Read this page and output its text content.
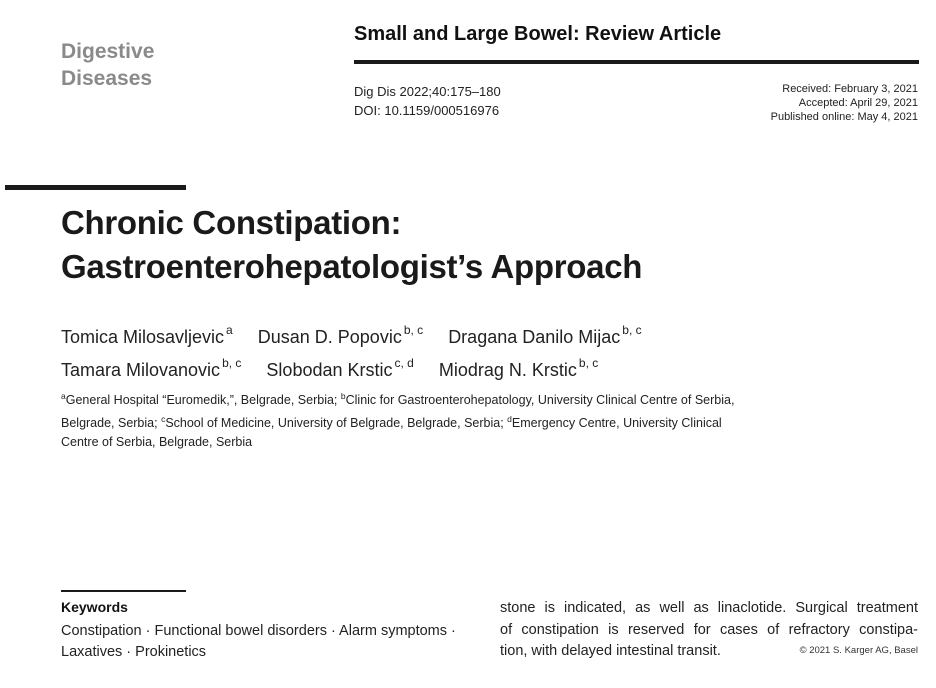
Digestive
Diseases
Small and Large Bowel: Review Article
Dig Dis 2022;40:175–180
DOI: 10.1159/000516976
Received: February 3, 2021
Accepted: April 29, 2021
Published online: May 4, 2021
Chronic Constipation:
Gastroenterohepatologist’s Approach
Tomica Milosavljevic $^a$ Dusan D. Popovic $^{b, c}$ Dragana Danilo Mijac $^{b, c}$
Tamara Milovanovic $^{b, c}$ Slobodan Krstic $^{c, d}$ Miodrag N. Krstic $^{b, c}$
$^a$General Hospital “Euromedik,”, Belgrade, Serbia; $^b$Clinic for Gastroenterohepatology, University Clinical Centre of Serbia, Belgrade, Serbia; $^c$School of Medicine, University of Belgrade, Belgrade, Serbia; $^d$Emergency Centre, University Clinical Centre of Serbia, Belgrade, Serbia
Keywords
Constipation · Functional bowel disorders · Alarm symptoms · Laxatives · Prokinetics
stone is indicated, as well as linaclotide. Surgical treatment
of constipation is reserved for cases of refractory constipa-
tion, with delayed intestinal transit.	© 2021 S. Karger AG, Basel
